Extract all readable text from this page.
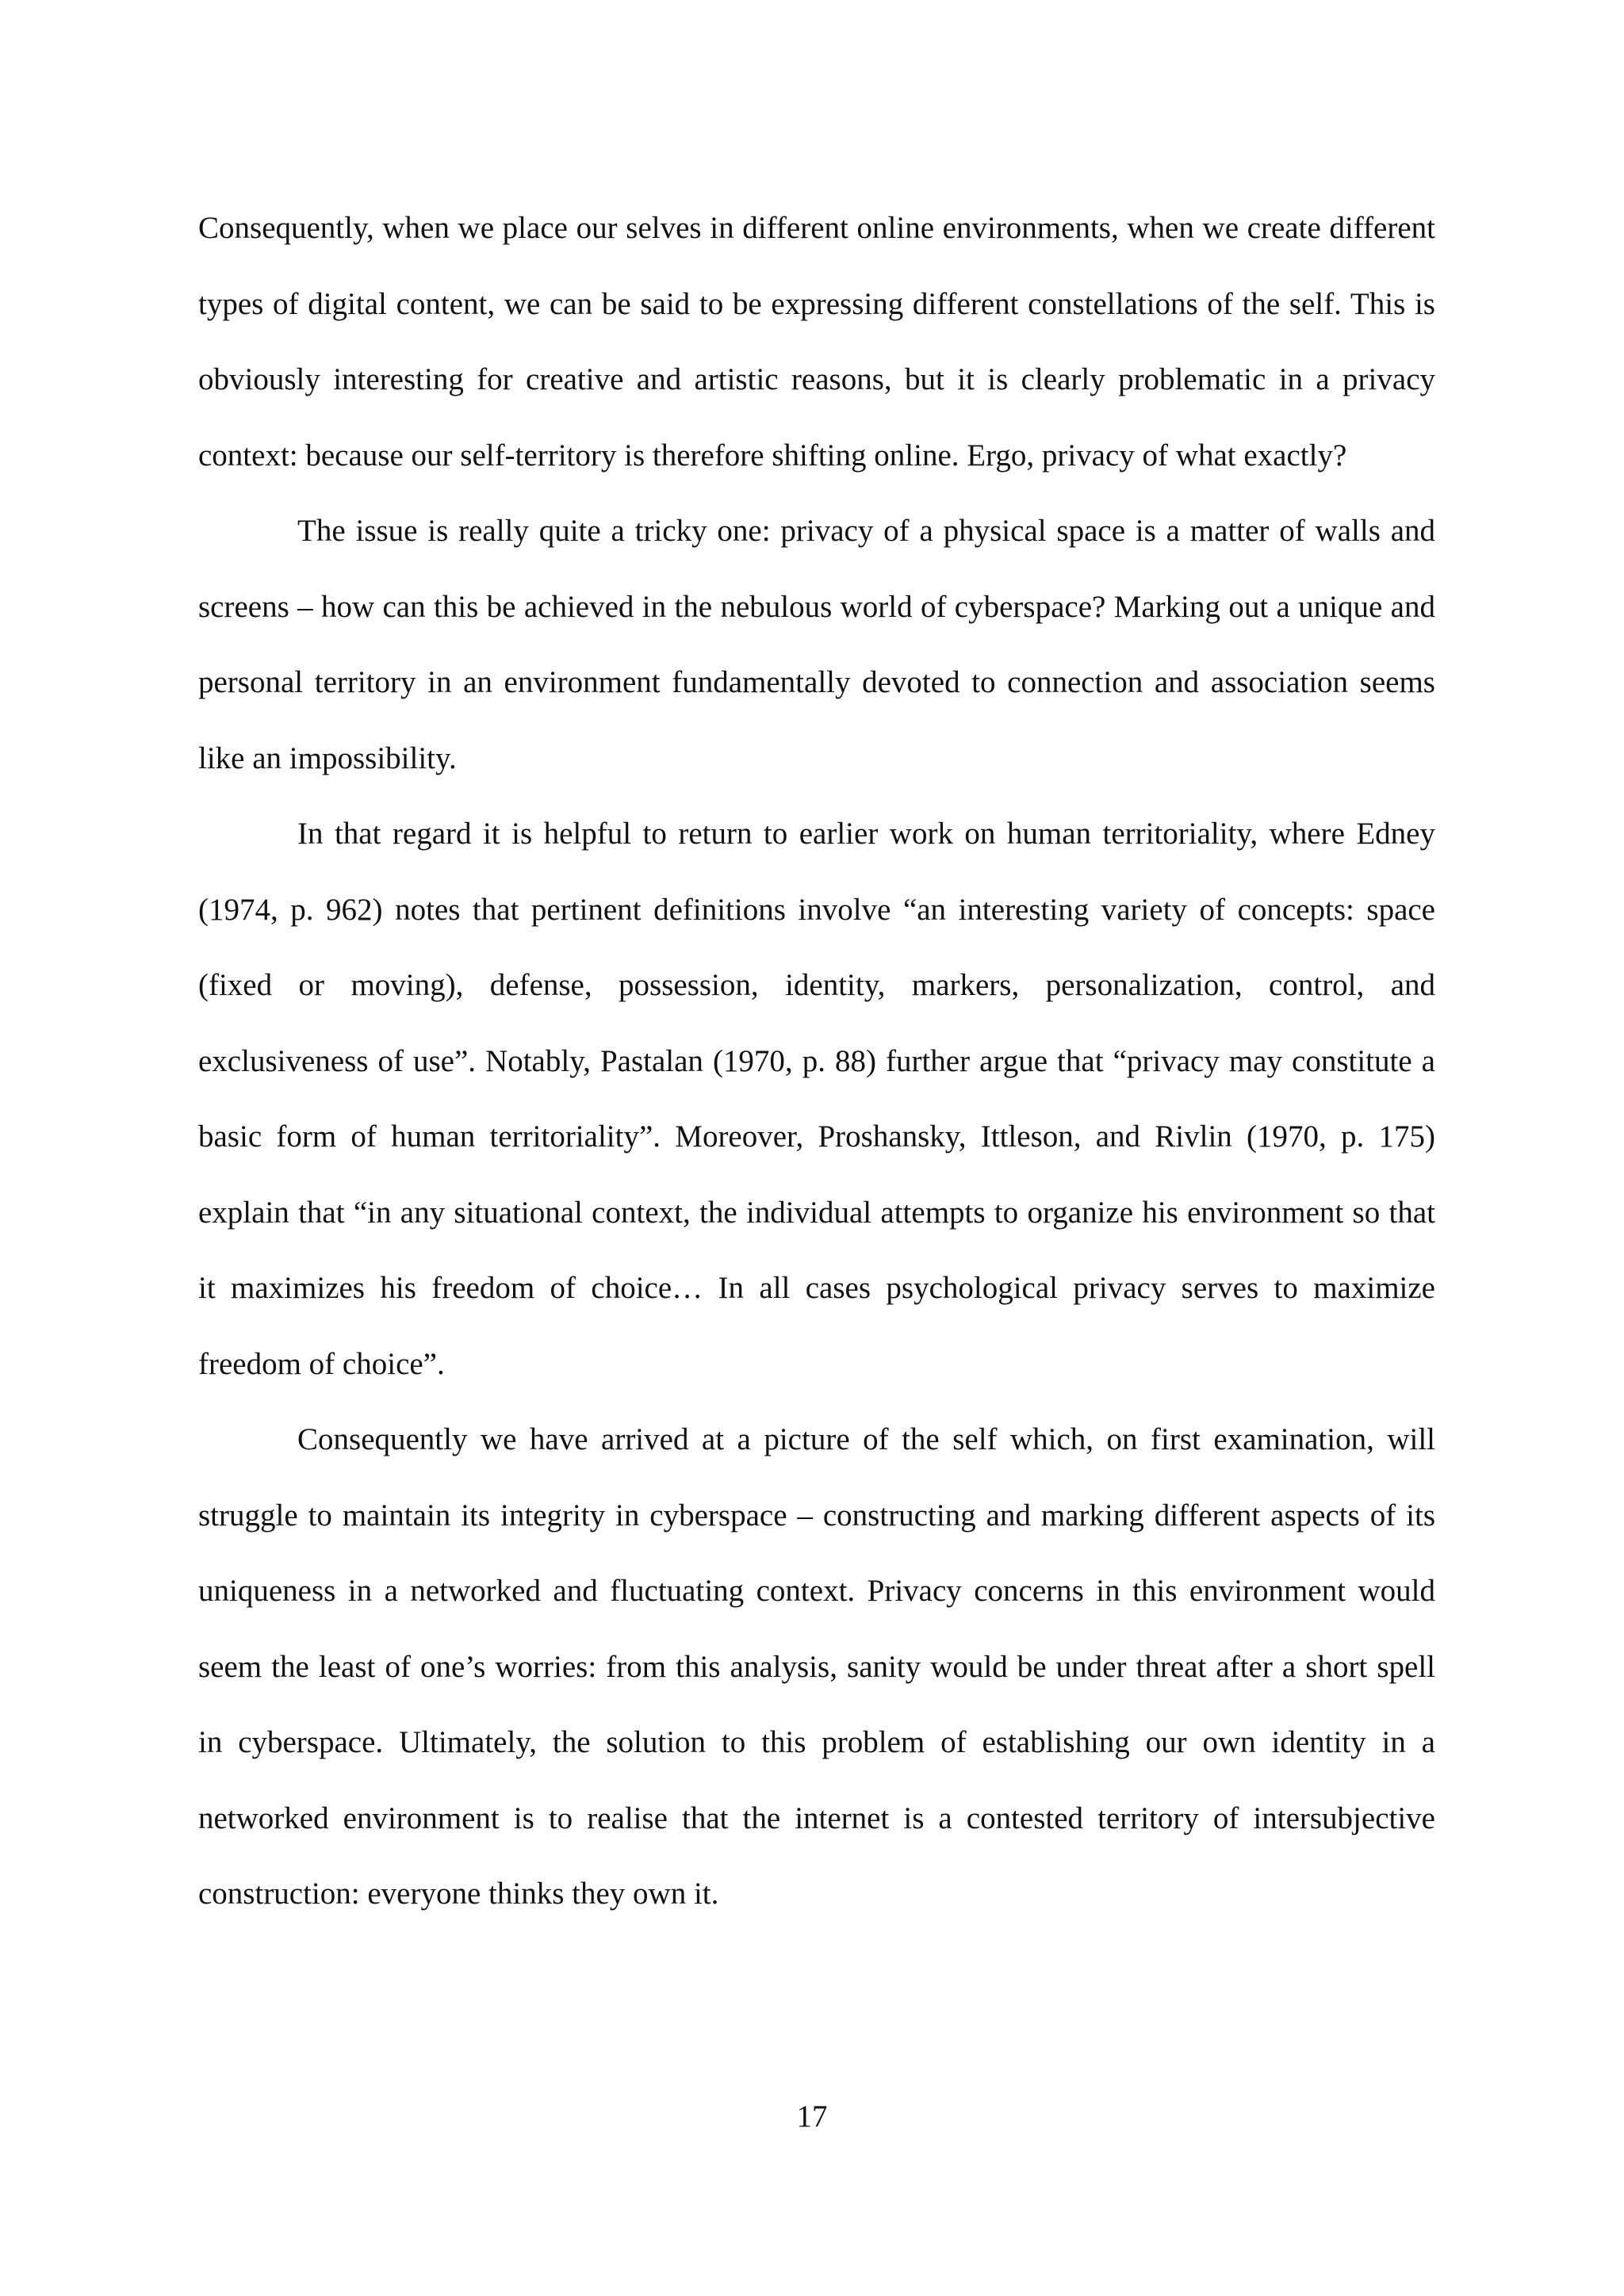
Consequently, when we place our selves in different online environments, when we create different types of digital content, we can be said to be expressing different constellations of the self. This is obviously interesting for creative and artistic reasons, but it is clearly problematic in a privacy context: because our self-territory is therefore shifting online. Ergo, privacy of what exactly?

The issue is really quite a tricky one: privacy of a physical space is a matter of walls and screens – how can this be achieved in the nebulous world of cyberspace? Marking out a unique and personal territory in an environment fundamentally devoted to connection and association seems like an impossibility.

In that regard it is helpful to return to earlier work on human territoriality, where Edney (1974, p. 962) notes that pertinent definitions involve “an interesting variety of concepts: space (fixed or moving), defense, possession, identity, markers, personalization, control, and exclusiveness of use”. Notably, Pastalan (1970, p. 88) further argue that “privacy may constitute a basic form of human territoriality”. Moreover, Proshansky, Ittleson, and Rivlin (1970, p. 175) explain that “in any situational context, the individual attempts to organize his environment so that it maximizes his freedom of choice… In all cases psychological privacy serves to maximize freedom of choice”.

Consequently we have arrived at a picture of the self which, on first examination, will struggle to maintain its integrity in cyberspace – constructing and marking different aspects of its uniqueness in a networked and fluctuating context. Privacy concerns in this environment would seem the least of one’s worries: from this analysis, sanity would be under threat after a short spell in cyberspace. Ultimately, the solution to this problem of establishing our own identity in a networked environment is to realise that the internet is a contested territory of intersubjective construction: everyone thinks they own it.

17
